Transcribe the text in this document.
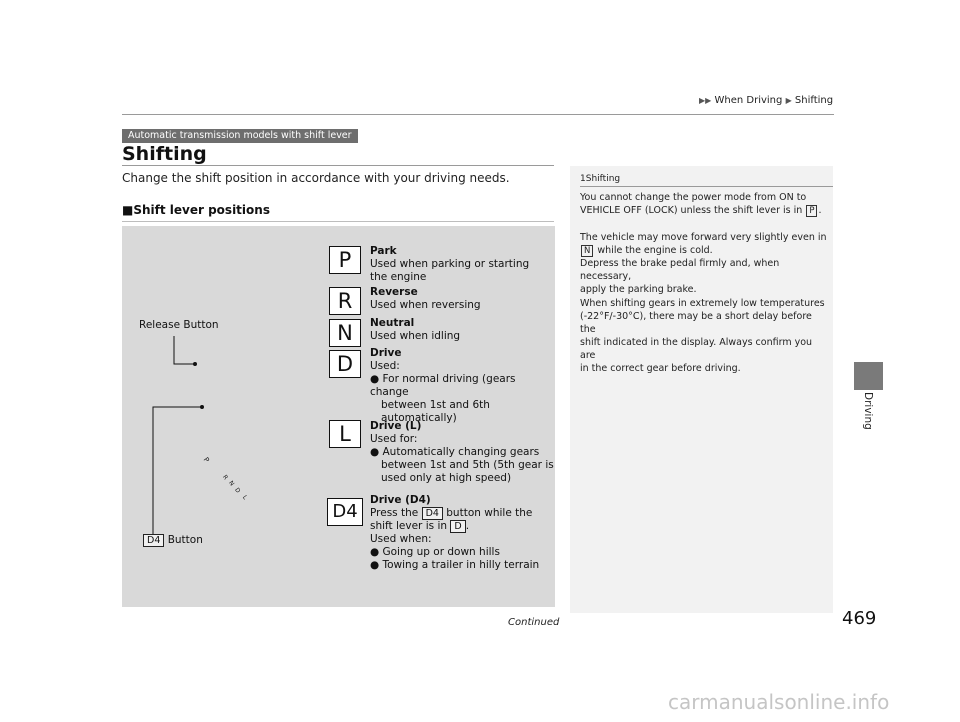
▶▶ When Driving ▶ Shifting
Automatic transmission models with shift lever
Shifting
Change the shift position in accordance with your driving needs.
■Shift lever positions
Release Button
P
R
N
D
L
D4 Button
P
R
N
D
L
D4
Park
Used when parking or starting
the engine
Reverse
Used when reversing
Neutral
Used when idling
Drive
Used:
● For normal driving (gears change
between 1st and 6th
automatically)
Drive (L)
Used for:
● Automatically changing gears
between 1st and 5th (5th gear is
used only at high speed)
Drive (D4)
Press the D4 button while the
shift lever is in D .
Used when:
● Going up or down hills
● Towing a trailer in hilly terrain
1Shifting
You cannot change the power mode from ON to
VEHICLE OFF (LOCK) unless the shift lever is in P .
The vehicle may move forward very slightly even in
N while the engine is cold.
Depress the brake pedal firmly and, when necessary,
apply the parking brake.
When shifting gears in extremely low temperatures
(-22°F/-30°C), there may be a short delay before the
shift indicated in the display. Always confirm you are
in the correct gear before driving.
Driving
Continued	469
carmanualsonline.info
